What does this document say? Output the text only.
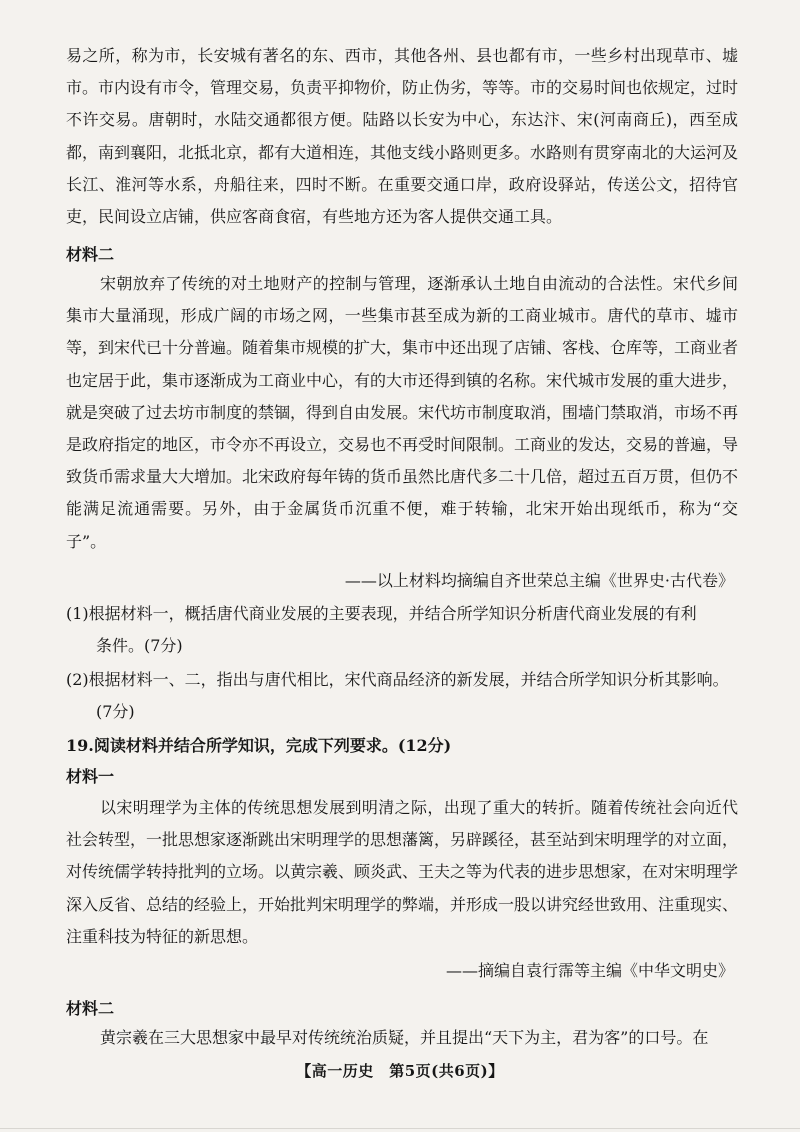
易之所，称为市，长安城有著名的东、西市，其他各州、县也都有市，一些乡村出现草市、墟市。市内设有市令，管理交易，负责平抑物价，防止伪劣，等等。市的交易时间也依规定，过时不许交易。唐朝时，水陆交通都很方便。陆路以长安为中心，东达汴、宋(河南商丘)，西至成都，南到襄阳，北抵北京，都有大道相连，其他支线小路则更多。水路则有贯穿南北的大运河及长江、淮河等水系，舟船往来，四时不断。在重要交通口岸，政府设驿站，传送公文，招待官吏，民间设立店铺，供应客商食宿，有些地方还为客人提供交通工具。

材料二

宋朝放弃了传统的对土地财产的控制与管理，逐渐承认土地自由流动的合法性。宋代乡间集市大量涌现，形成广阔的市场之网，一些集市甚至成为新的工商业城市。唐代的草市、墟市等，到宋代已十分普遍。随着集市规模的扩大，集市中还出现了店铺、客栈、仓库等，工商业者也定居于此，集市逐渐成为工商业中心，有的大市还得到镇的名称。宋代城市发展的重大进步，就是突破了过去坊市制度的禁锢，得到自由发展。宋代坊市制度取消，围墙门禁取消，市场不再是政府指定的地区，市令亦不再设立，交易也不再受时间限制。工商业的发达，交易的普遍，导致货币需求量大大增加。北宋政府每年铸的货币虽然比唐代多二十几倍，超过五百万贯，但仍不能满足流通需要。另外，由于金属货币沉重不便，难于转输，北宋开始出现纸币，称为“交子”。

——以上材料均摘编自齐世荣总主编《世界史·古代卷》

(1)根据材料一，概括唐代商业发展的主要表现，并结合所学知识分析唐代商业发展的有利
条件。(7分)

(2)根据材料一、二，指出与唐代相比，宋代商品经济的新发展，并结合所学知识分析其影响。
(7分)

19.阅读材料并结合所学知识，完成下列要求。(12分)

材料一

以宋明理学为主体的传统思想发展到明清之际，出现了重大的转折。随着传统社会向近代社会转型，一批思想家逐渐跳出宋明理学的思想藩篱，另辟蹊径，甚至站到宋明理学的对立面，对传统儒学转持批判的立场。以黄宗羲、顾炎武、王夫之等为代表的进步思想家，在对宋明理学深入反省、总结的经验上，开始批判宋明理学的弊端，并形成一股以讲究经世致用、注重现实、注重科技为特征的新思想。

——摘编自袁行霈等主编《中华文明史》

材料二

黄宗羲在三大思想家中最早对传统统治质疑，并且提出“天下为主，君为客”的口号。在

【高一历史　第5页(共6页)】
